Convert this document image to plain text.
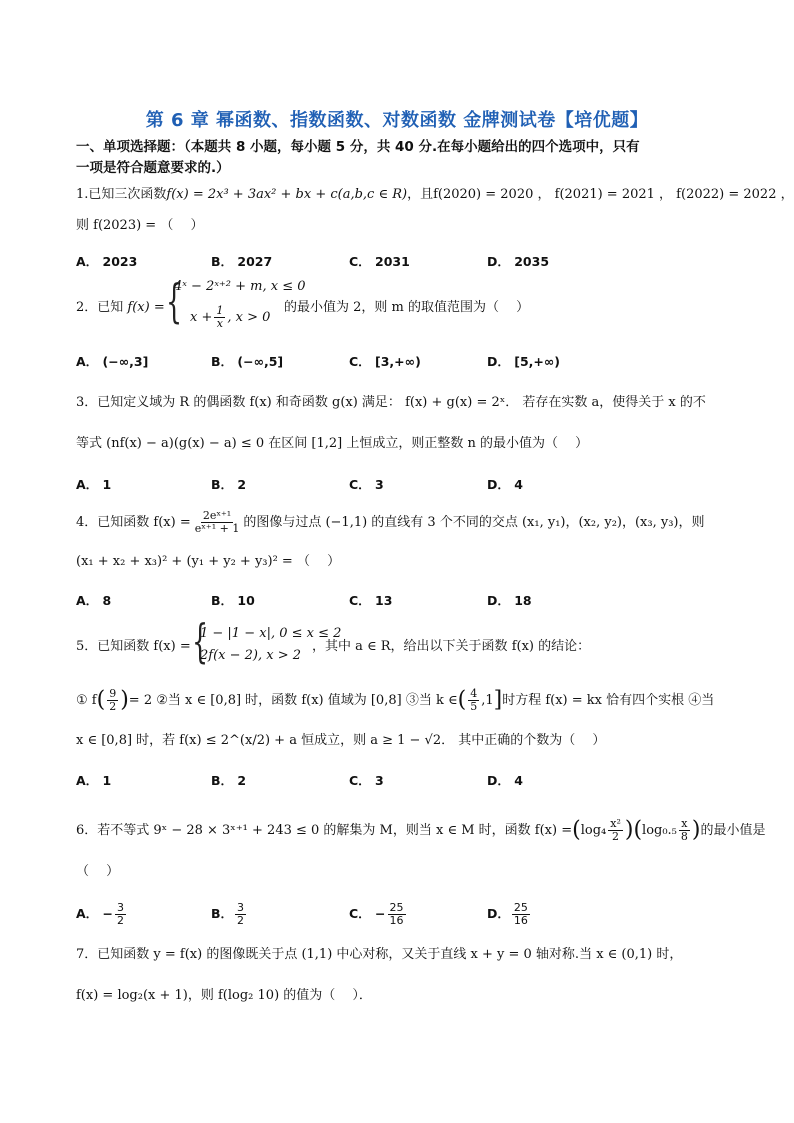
第 6 章 幂函数、指数函数、对数函数 金牌测试卷【培优题】
一、单项选择题：（本题共 8 小题，每小题 5 分，共 40 分.在每小题给出的四个选项中，只有
一项是符合题意要求的.）
1.已知三次函数f(x) = 2x³ + 3ax² + bx + c(a,b,c ∈ R)，且f(2020) = 2020 ， f(2021) = 2021 ， f(2022) = 2022 ，
则 f(2023) = （　 ）
A． 2023	B． 2027	C． 2031	D． 2035
2．已知 f(x) = {
4ˣ − 2ˣ⁺² + m, x ≤ 0
$x + \frac{1}{x}$ , x > 0
的最小值为 2，则 m 的取值范围为（　 ）
A． (−∞,3]	B． (−∞,5]	C． [3,+∞)	D． [5,+∞)
3．已知定义域为 R 的偶函数 f(x) 和奇函数 g(x) 满足： f(x) + g(x) = 2ˣ． 若存在实数 a，使得关于 x 的不
等式 (nf(x) − a)(g(x) − a) ≤ 0 在区间 [1,2] 上恒成立，则正整数 n 的最小值为（　 ）
A． 1	B． 2	C． 3	D． 4
4．已知函数 $f(x) = \frac{\text{2eˣ⁺¹}}{\text{eˣ⁺¹ + 1}}$ 的图像与过点 (−1,1) 的直线有 3 个不同的交点 (x₁, y₁)，(x₂, y₂)，(x₃, y₃)，则
(x₁ + x₂ + x₃)² + (y₁ + y₂ + y₃)² = （　 ）
A． 8	B． 10	C． 13	D． 18
5．已知函数 f(x) = {
1 − |1 − x|, 0 ≤ x ≤ 2
2f(x − 2), x > 2
，其中 a ∈ R，给出以下关于函数 f(x) 的结论：
① $f( \frac{9}{2}$ )= 2 ②当 x ∈ [0,8] 时，函数 f(x) 值域为 [0,8] ③当 k ∈( $\frac{4}{5} ,1$]时方程 f(x) = kx 恰有四个实根 ④当
x ∈ [0,8] 时，若 f(x) ≤ 2^(x/2) + a 恒成立，则 a ≥ 1 − √2． 其中正确的个数为（　 ）
A． 1	B． 2	C． 3	D． 4
6．若不等式 9ˣ − 28 × 3ˣ⁺¹ + 243 ≤ 0 的解集为 M，则当 x ∈ M 时，函数 $f(x) =(\log_4 \frac{\text{x²}}{2} )(\log_0._5 \frac{x}{8}$ )的最小值是
（　 ）
A． − $\frac{3}{2}$	B． $\frac{3}{2}$	C． − $\frac{25}{16}$	D． $\frac{25}{16}$
7．已知函数 y = f(x) 的图像既关于点 (1,1) 中心对称，又关于直线 x + y = 0 轴对称.当 x ∈ (0,1) 时，
f(x) = log₂(x + 1)，则 f(log₂ 10) 的值为（　 ）．
